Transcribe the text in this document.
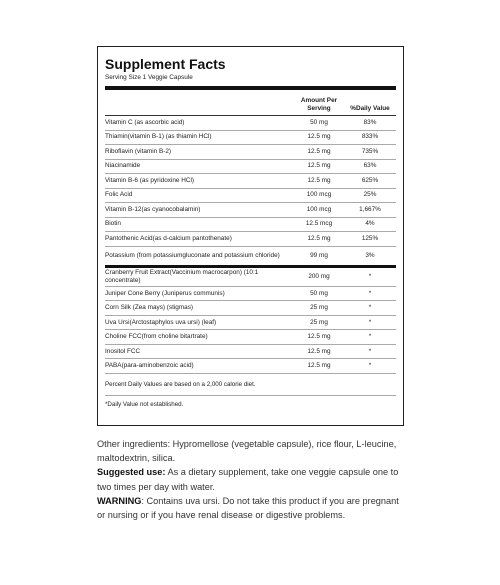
Supplement Facts
Serving Size 1 Veggie Capsule
Amount Per Serving	%Daily Value
Vitamin C (as ascorbic acid)	50 mg	83%
Thiamin(vitamin B-1) (as thiamin HCl)	12.5 mg	833%
Riboflavin (vitamin B-2)	12.5 mg	735%
Niacinamide	12.5 mg	63%
Vitamin B-6 (as pyridoxine HCl)	12.5 mg	625%
Folic Acid	100 mcg	25%
Vitamin B-12(as cyanocobalamin)	100 mcg	1,667%
Biotin	12.5 mcg	4%
Pantothenic Acid(as d-calcium pantothenate)	12.5 mg	125%
Potassium (from potassiumgluconate and potassium chloride)	99 mg	3%
Cranberry Fruit Extract(Vaccinium macrocarpon) (10:1 concentrate)
200 mg	*
Juniper Cone Berry (Juniperus communis)	50 mg	*
Corn Silk (Zea mays) (stigmas)	25 mg	*
Uva Ursi(Arctostaphylos uva ursi) (leaf)	25 mg	*
Choline FCC(from choline bitartrate)	12.5 mg	*
Inositol FCC	12.5 mg	*
PABA(para-aminobenzoic acid)	12.5 mg	*
Percent Daily Values are based on a 2,000 calorie diet.
*Daily Value not established.

Other ingredients: Hypromellose (vegetable capsule), rice flour, L-leucine, maltodextrin, silica.

Suggested use: As a dietary supplement, take one veggie capsule one to two times per day with water.

WARNING: Contains uva ursi. Do not take this product if you are pregnant or nursing or if you have renal disease or digestive problems.
